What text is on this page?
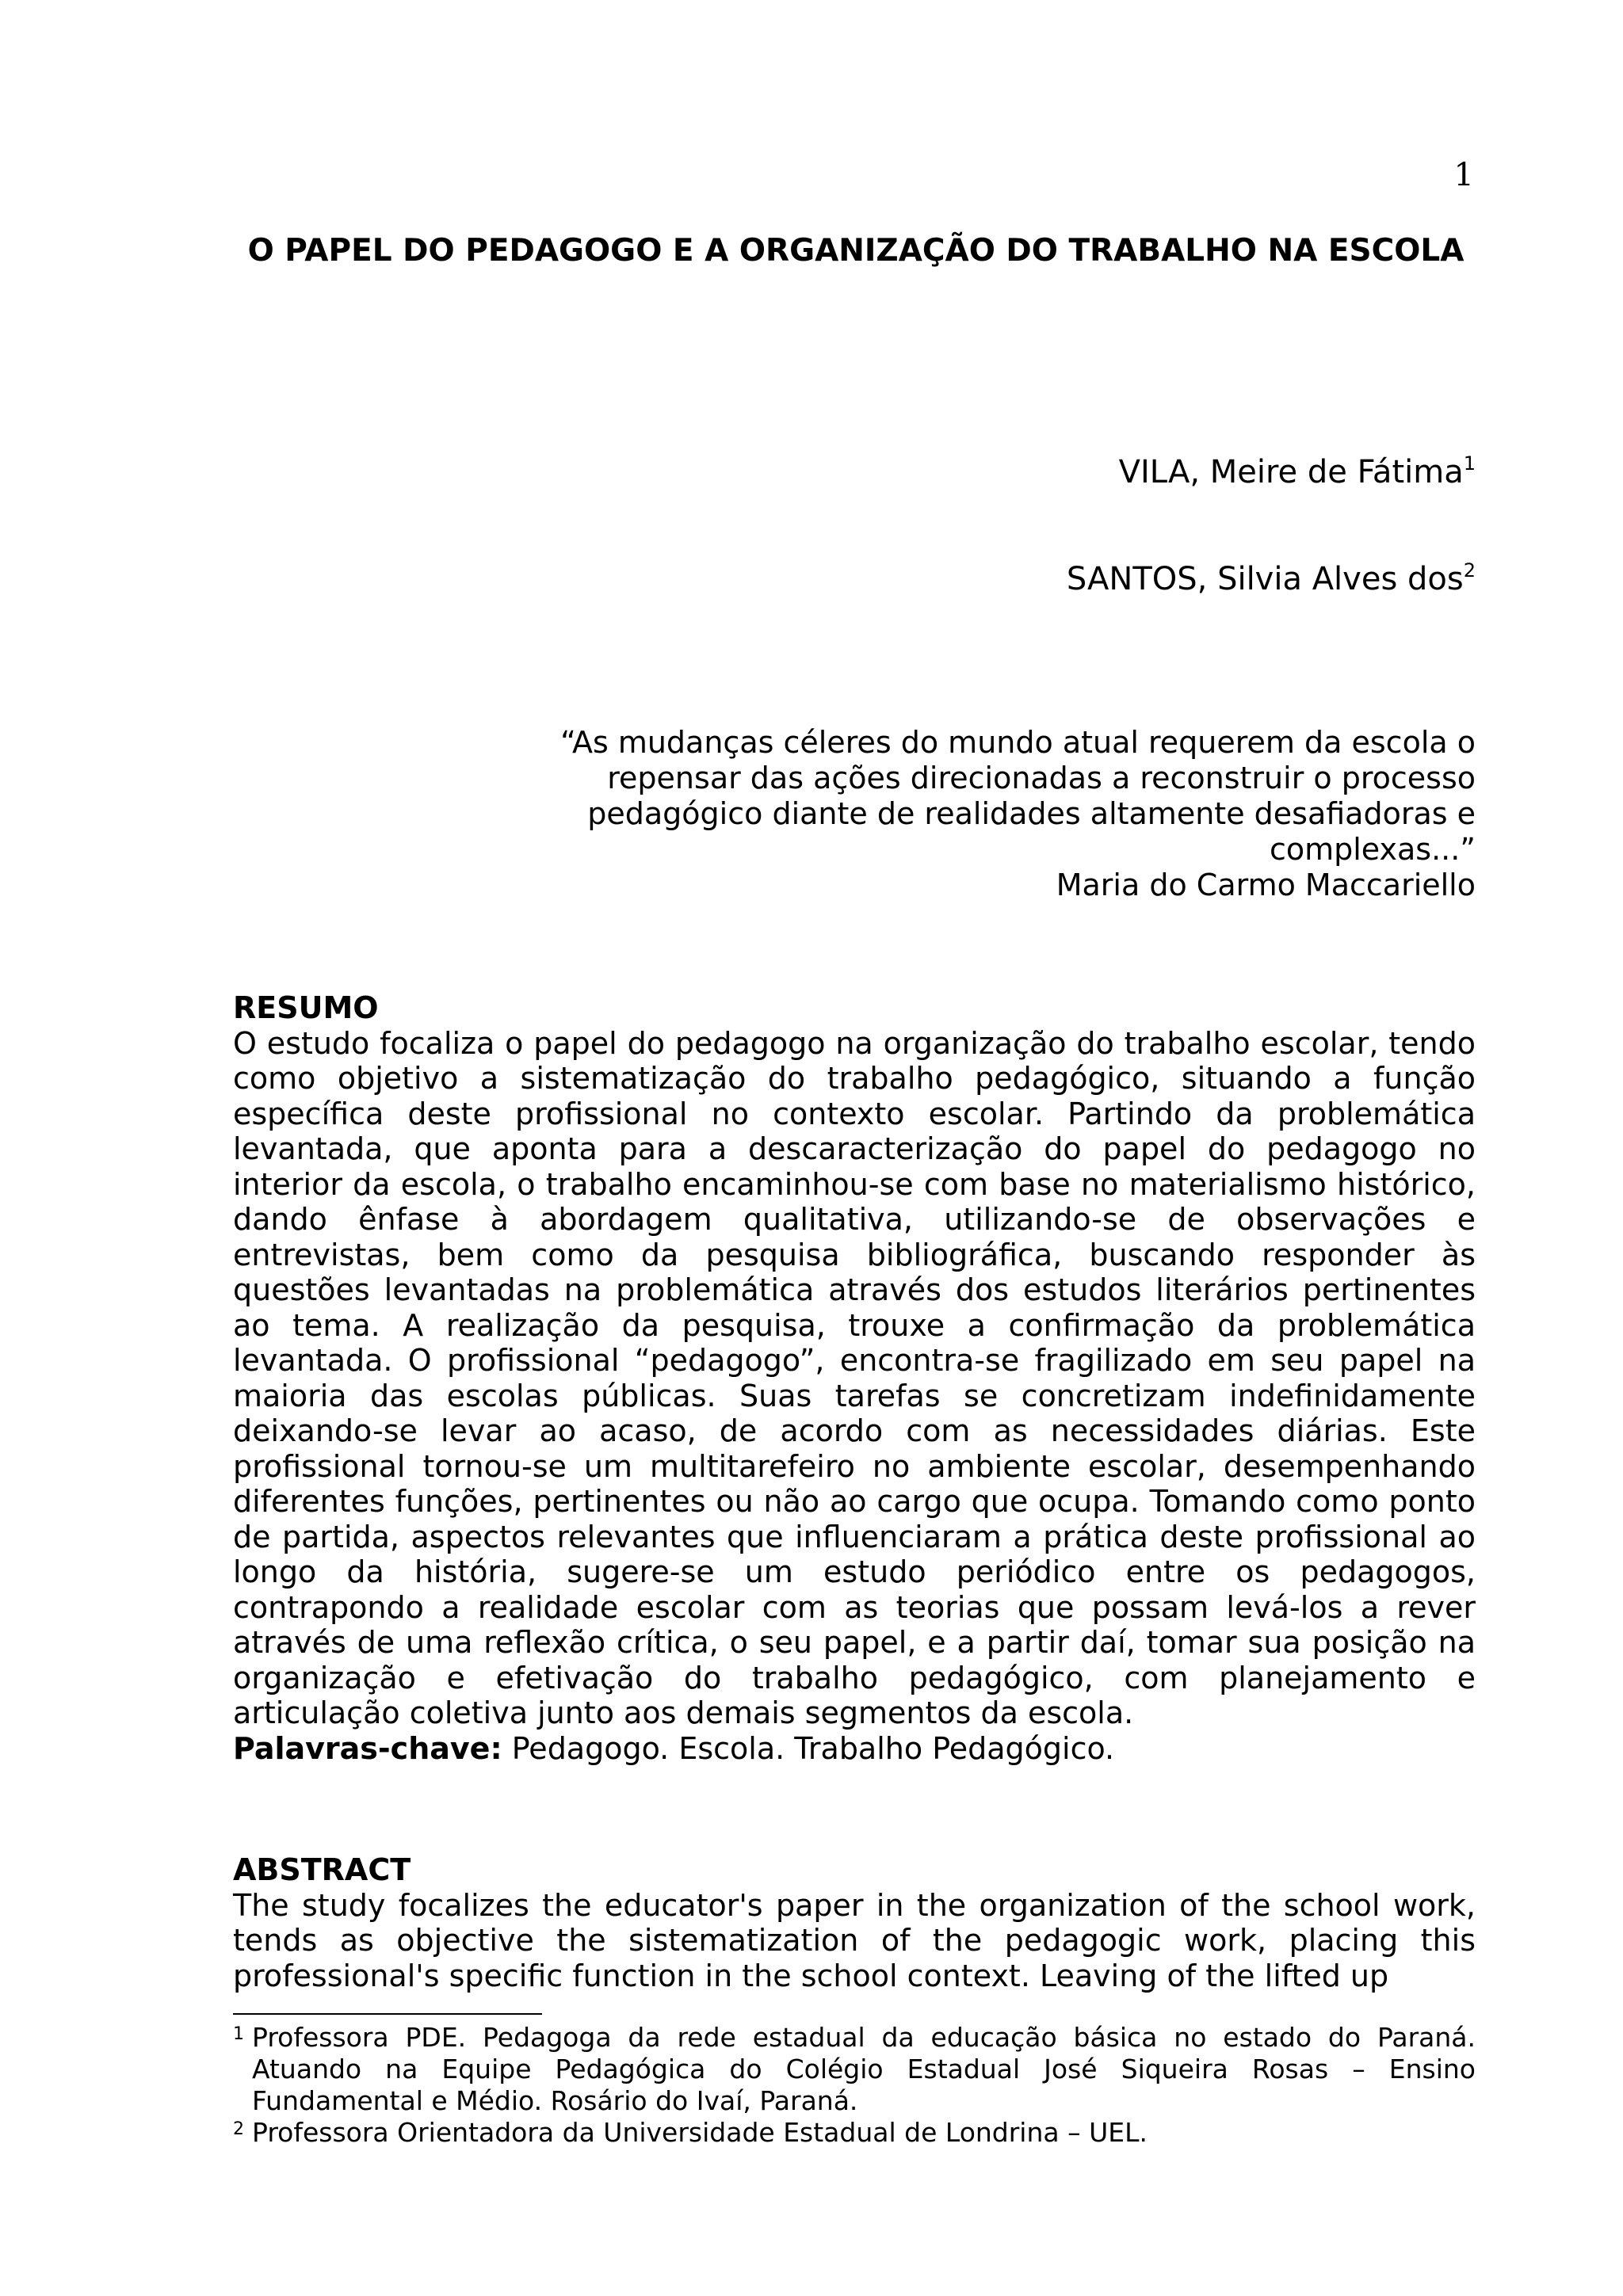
1
O PAPEL DO PEDAGOGO E A ORGANIZAÇÃO DO TRABALHO NA ESCOLA
VILA, Meire de Fátima$^1$
SANTOS, Silvia Alves dos$^2$
“As mudanças céleres do mundo atual requerem da escola o repensar das ações direcionadas a reconstruir o processo pedagógico diante de realidades altamente desafiadoras e complexas...”
Maria do Carmo Maccariello
RESUMO
O estudo focaliza o papel do pedagogo na organização do trabalho escolar, tendo como objetivo a sistematização do trabalho pedagógico, situando a função específica deste profissional no contexto escolar. Partindo da problemática levantada, que aponta para a descaracterização do papel do pedagogo no interior da escola, o trabalho encaminhou-se com base no materialismo histórico, dando ênfase à abordagem qualitativa, utilizando-se de observações e entrevistas, bem como da pesquisa bibliográfica, buscando responder às questões levantadas na problemática através dos estudos literários pertinentes ao tema. A realização da pesquisa, trouxe a confirmação da problemática levantada. O profissional “pedagogo”, encontra-se fragilizado em seu papel na maioria das escolas públicas. Suas tarefas se concretizam indefinidamente deixando-se levar ao acaso, de acordo com as necessidades diárias. Este profissional tornou-se um multitarefeiro no ambiente escolar, desempenhando diferentes funções, pertinentes ou não ao cargo que ocupa. Tomando como ponto de partida, aspectos relevantes que influenciaram a prática deste profissional ao longo da história, sugere-se um estudo periódico entre os pedagogos, contrapondo a realidade escolar com as teorias que possam levá-los a rever através de uma reflexão crítica, o seu papel, e a partir daí, tomar sua posição na organização e efetivação do trabalho pedagógico, com planejamento e articulação coletiva junto aos demais segmentos da escola.
Palavras-chave: Pedagogo. Escola. Trabalho Pedagógico.
ABSTRACT
The study focalizes the educator's paper in the organization of the school work, tends as objective the sistematization of the pedagogic work, placing this professional's specific function in the school context. Leaving of the lifted up
1 Professora PDE. Pedagoga da rede estadual da educação básica no estado do Paraná. Atuando na Equipe Pedagógica do Colégio Estadual José Siqueira Rosas – Ensino Fundamental e Médio. Rosário do Ivaí, Paraná.
2 Professora Orientadora da Universidade Estadual de Londrina – UEL.
